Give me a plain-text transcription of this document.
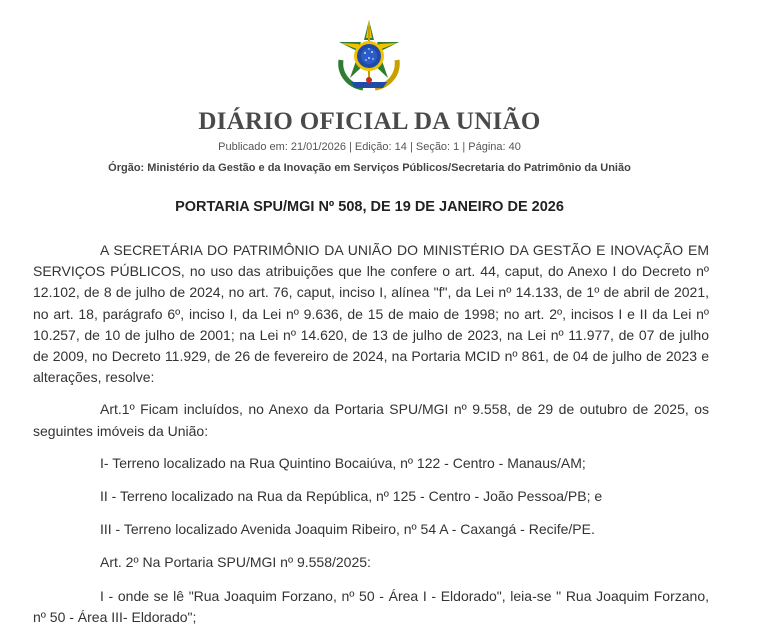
DIÁRIO OFICIAL DA UNIÃO
Publicado em: 21/01/2026 | Edição: 14 | Seção: 1 | Página: 40
Órgão: Ministério da Gestão e da Inovação em Serviços Públicos/Secretaria do Patrimônio da União
PORTARIA SPU/MGI Nº 508, DE 19 DE JANEIRO DE 2026

A SECRETÁRIA DO PATRIMÔNIO DA UNIÃO DO MINISTÉRIO DA GESTÃO E INOVAÇÃO EM SERVIÇOS PÚBLICOS, no uso das atribuições que lhe confere o art. 44, caput, do Anexo I do Decreto nº 12.102, de 8 de julho de 2024, no art. 76, caput, inciso I, alínea "f", da Lei nº 14.133, de 1º de abril de 2021, no art. 18, parágrafo 6º, inciso I, da Lei nº 9.636, de 15 de maio de 1998; no art. 2º, incisos I e II da Lei nº 10.257, de 10 de julho de 2001; na Lei nº 14.620, de 13 de julho de 2023, na Lei nº 11.977, de 07 de julho de 2009, no Decreto 11.929, de 26 de fevereiro de 2024, na Portaria MCID nº 861, de 04 de julho de 2023 e alterações, resolve:

Art.1º Ficam incluídos, no Anexo da Portaria SPU/MGI nº 9.558, de 29 de outubro de 2025, os seguintes imóveis da União:

I- Terreno localizado na Rua Quintino Bocaiúva, nº 122 - Centro - Manaus/AM;

II - Terreno localizado na Rua da República, nº 125 - Centro - João Pessoa/PB; e

III - Terreno localizado Avenida Joaquim Ribeiro, nº 54 A - Caxangá - Recife/PE.

Art. 2º Na Portaria SPU/MGI nº 9.558/2025:

I - onde se lê "Rua Joaquim Forzano, nº 50 - Área I - Eldorado", leia-se " Rua Joaquim Forzano, nº 50 - Área III- Eldorado";
